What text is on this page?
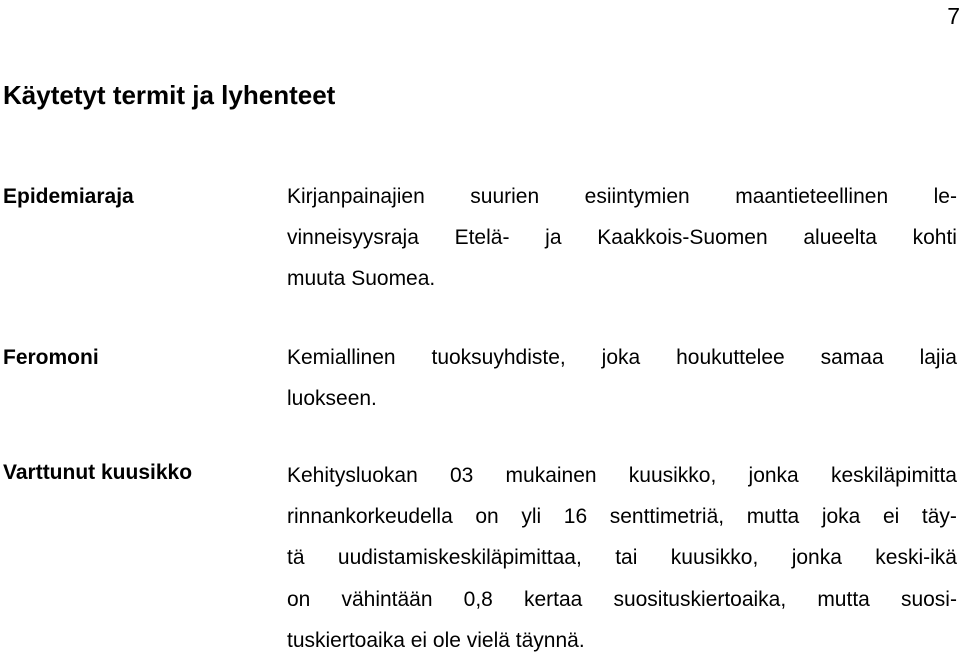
7
Käytetyt termit ja lyhenteet
Epidemiaraja	Kirjanpainajien suurien esiintymien maantieteellinen le-
vinneisyysraja Etelä- ja Kaakkois-Suomen alueelta kohti
muuta Suomea.
Feromoni	Kemiallinen tuoksuyhdiste, joka houkuttelee samaa lajia
luokseen.
Varttunut kuusikko	Kehitysluokan 03 mukainen kuusikko, jonka keskiläpimitta
rinnankorkeudella on yli 16 senttimetriä, mutta joka ei täy-
tä uudistamiskeskiläpimittaa, tai kuusikko, jonka keski-ikä
on vähintään 0,8 kertaa suosituskiertoaika, mutta suosi-
tuskiertoaika ei ole vielä täynnä.
